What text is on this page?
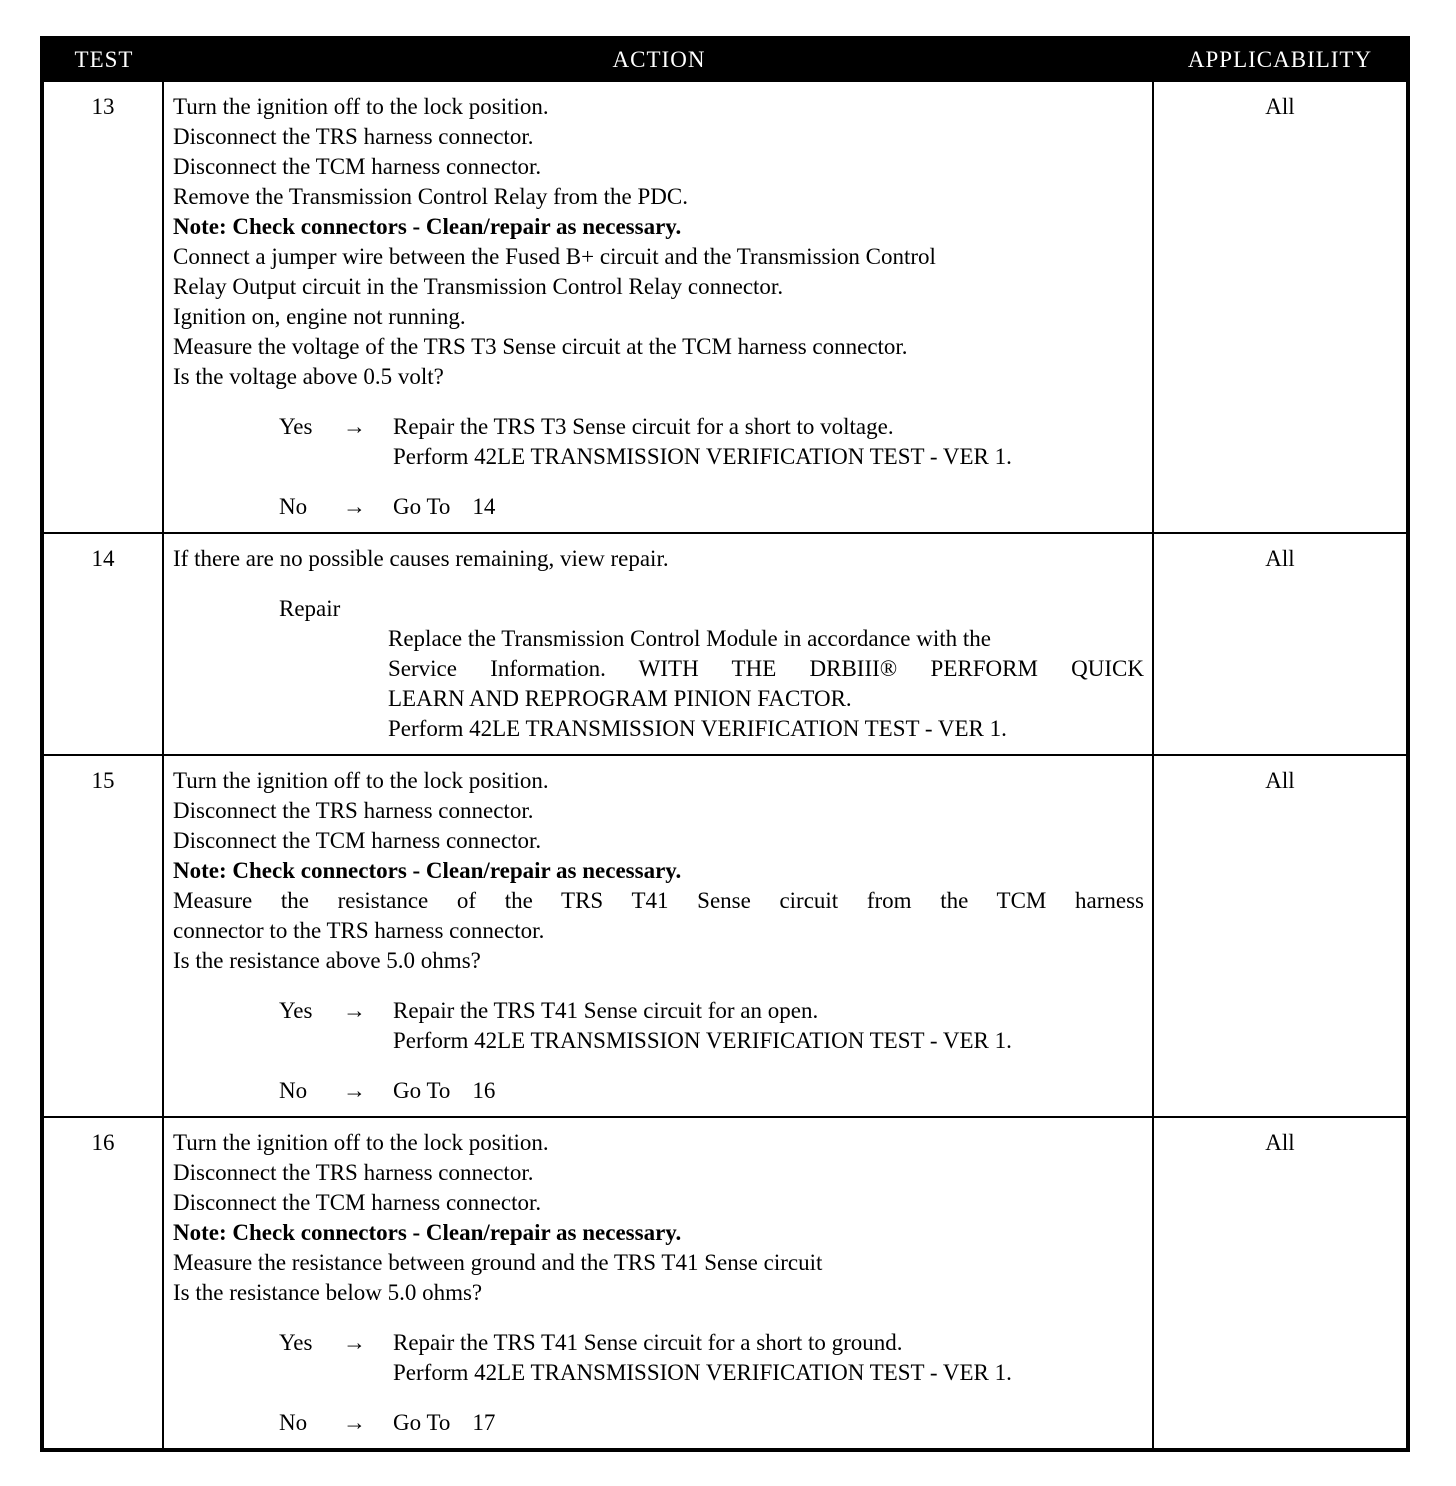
TEST	ACTION	APPLICABILITY
13	Turn the ignition off to the lock position.
Disconnect the TRS harness connector.
Disconnect the TCM harness connector.
Remove the Transmission Control Relay from the PDC.
Note: Check connectors - Clean/repair as necessary.
Connect a jumper wire between the Fused B+ circuit and the Transmission Control
Relay Output circuit in the Transmission Control Relay connector.
Ignition on, engine not running.
Measure the voltage of the TRS T3 Sense circuit at the TCM harness connector.
Is the voltage above 0.5 volt?
Yes	→	Repair the TRS T3 Sense circuit for a short to voltage.
Perform 42LE TRANSMISSION VERIFICATION TEST - VER 1.
No	→	Go To 14
All
14	If there are no possible causes remaining, view repair.
Repair
Replace the Transmission Control Module in accordance with the
Service Information. WITH THE DRBIII® PERFORM QUICK
LEARN AND REPROGRAM PINION FACTOR.
Perform 42LE TRANSMISSION VERIFICATION TEST - VER 1.
All
15	Turn the ignition off to the lock position.
Disconnect the TRS harness connector.
Disconnect the TCM harness connector.
Note: Check connectors - Clean/repair as necessary.
Measure the resistance of the TRS T41 Sense circuit from the TCM harness
connector to the TRS harness connector.
Is the resistance above 5.0 ohms?
Yes	→	Repair the TRS T41 Sense circuit for an open.
Perform 42LE TRANSMISSION VERIFICATION TEST - VER 1.
No	→	Go To 16
All
16	Turn the ignition off to the lock position.
Disconnect the TRS harness connector.
Disconnect the TCM harness connector.
Note: Check connectors - Clean/repair as necessary.
Measure the resistance between ground and the TRS T41 Sense circuit
Is the resistance below 5.0 ohms?
Yes	→	Repair the TRS T41 Sense circuit for a short to ground.
Perform 42LE TRANSMISSION VERIFICATION TEST - VER 1.
No	→	Go To 17
All
